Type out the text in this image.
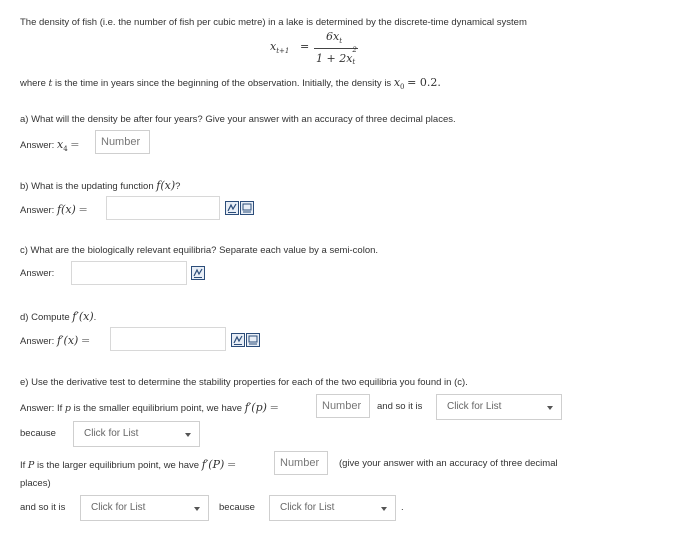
The density of fish (i.e. the number of fish per cubic metre) in a lake is determined by the discrete-time dynamical system
$x_{t+1}$ =
$6x_t$
1 + 2x
2
t
where t is the time in years since the beginning of the observation. Initially, the density is $x_0 = 0.2$.
a) What will the density be after four years? Give your answer with an accuracy of three decimal places.
Answer: $x_4$ =	Number
b) What is the updating function f(x)?
Answer: f(x) =
c) What are the biologically relevant equilibria? Separate each value by a semi-colon.
Answer:
d) Compute f′(x).
Answer: f′(x) =
e) Use the derivative test to determine the stability properties for each of the two equilibria you found in (c).
Answer: If p is the smaller equilibrium point, we have f′(p) =	Number	and so it is	Click for List
because	Click for List
If P is the larger equilibrium point, we have f′(P) =	Number	(give your answer with an accuracy of three decimal
places)
and so it is	Click for List	because	Click for List	.
